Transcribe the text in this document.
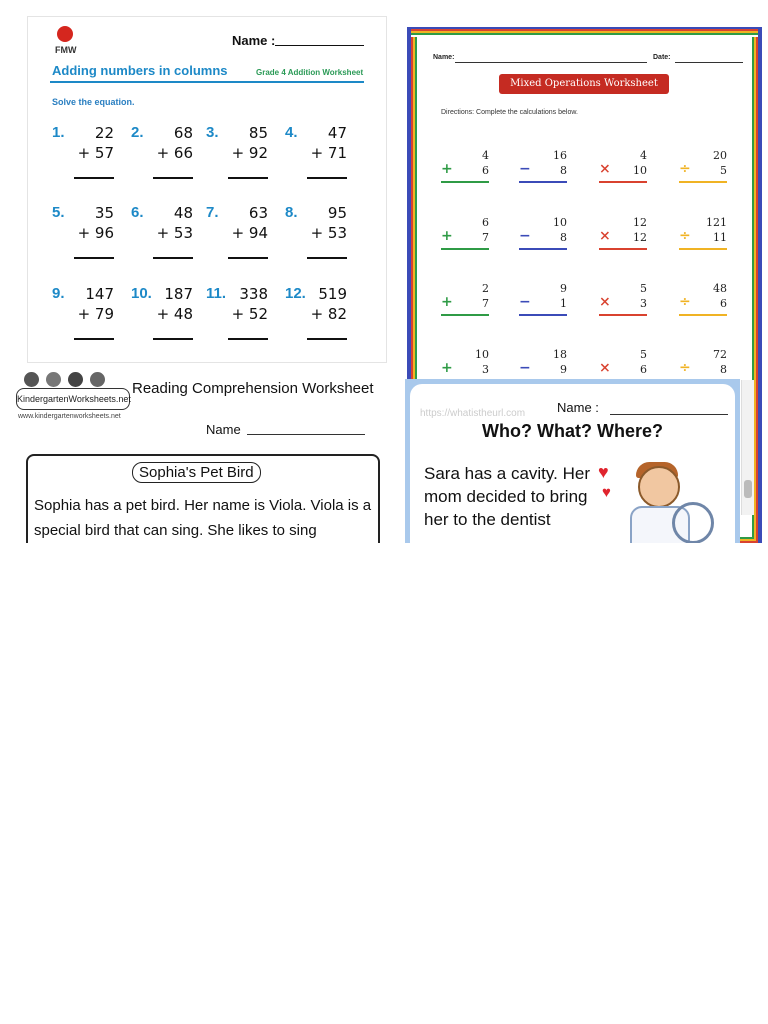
FMW
Name :
Adding numbers in columns	Grade 4 Addition Worksheet
Solve the equation.
1. 22
+ 57
2. 68
+ 66
3. 85
+ 92
4. 47
+ 71
5. 35
+ 96
6. 48
+ 53
7. 63
+ 94
8. 95
+ 53
9. 147
+ 79
10. 187
+ 48
11. 338
+ 52
12. 519
+ 82
Name:	Date:
Mixed Operations Worksheet
Directions: Complete the calculations below.
4
+	6
16
−	8
4
× 10
20
÷	5
6
+	7
10
−	8
12
× 12
121
÷ 11
2
+	7
9
−	1
5
×	3
48
÷	6
10
+	3
18
−	9
5
×	6
72
÷	8
KindergartenWorksheets.net
www.kindergartenworksheets.net
Reading Comprehension Worksheet
Name
Sophia's Pet Bird
Sophia has a pet bird. Her name is Viola. Viola is a special bird that can sing. She likes to sing
https://whatistheurl.com Name :
Who? What? Where?
Sara has a cavity. Her mom decided to bring her to the dentist
♥
♥
